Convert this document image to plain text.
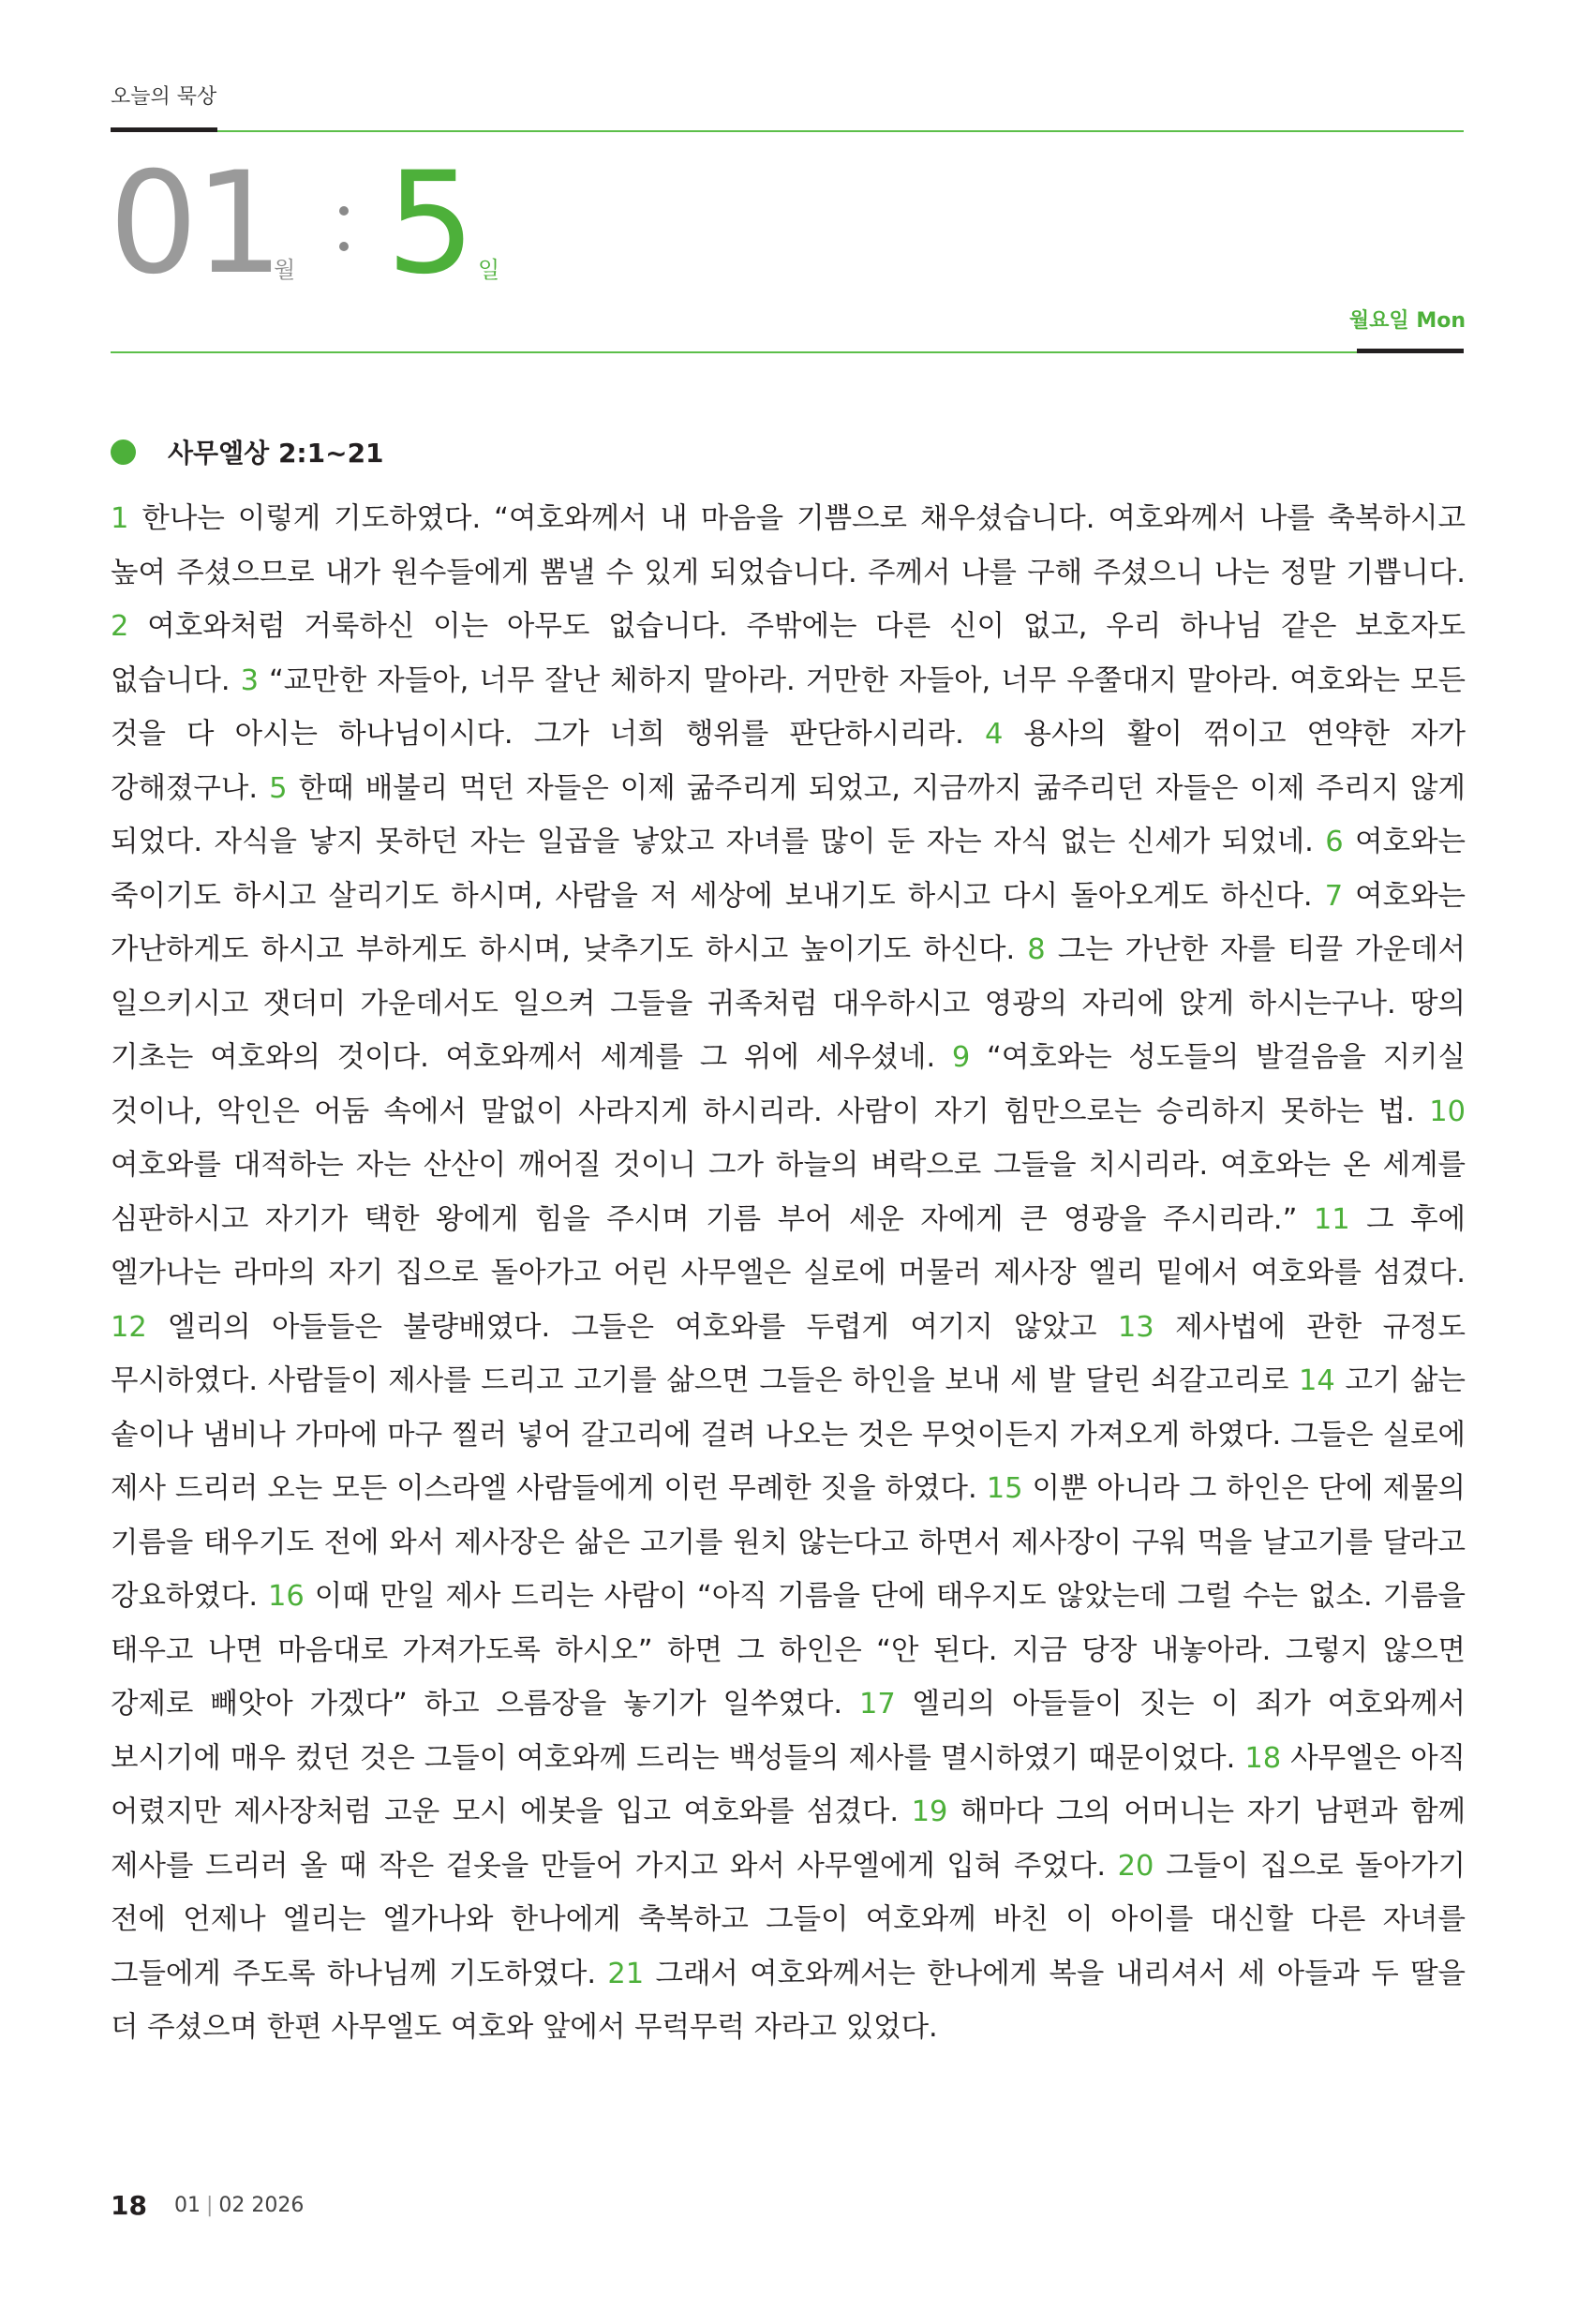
오늘의 묵상
01
월 5 일
월요일 Mon
사무엘상 2:1~21
1 한나는 이렇게 기도하였다. “여호와께서 내 마음을 기쁨으로 채우셨습니다. 여호와께서 나를 축복하시고 높여 주셨으므로 내가 원수들에게 뽐낼 수 있게 되었습니다. 주께서 나를 구해 주셨으니 나는 정말 기쁩니다. 2 여호와처럼 거룩하신 이는 아무도 없습니다. 주밖에는 다른 신이 없고, 우리 하나님 같은 보호자도 없습니다. 3 “교만한 자들아, 너무 잘난 체하지 말아라. 거만한 자들아, 너무 우쭐대지 말아라. 여호와는 모든 것을 다 아시는 하나님이시다. 그가 너희 행위를 판단하시리라. 4 용사의 활이 꺾이고 연약한 자가 강해졌구나. 5 한때 배불리 먹던 자들은 이제 굶주리게 되었고, 지금까지 굶주리던 자들은 이제 주리지 않게 되었다. 자식을 낳지 못하던 자는 일곱을 낳았고 자녀를 많이 둔 자는 자식 없는 신세가 되었네. 6 여호와는 죽이기도 하시고 살리기도 하시며, 사람을 저 세상에 보내기도 하시고 다시 돌아오게도 하신다. 7 여호와는 가난하게도 하시고 부하게도 하시며, 낮추기도 하시고 높이기도 하신다. 8 그는 가난한 자를 티끌 가운데서 일으키시고 잿더미 가운데서도 일으켜 그들을 귀족처럼 대우하시고 영광의 자리에 앉게 하시는구나. 땅의 기초는 여호와의 것이다. 여호와께서 세계를 그 위에 세우셨네. 9 “여호와는 성도들의 발걸음을 지키실 것이나, 악인은 어둠 속에서 말없이 사라지게 하시리라. 사람이 자기 힘만으로는 승리하지 못하는 법. 10 여호와를 대적하는 자는 산산이 깨어질 것이니 그가 하늘의 벼락으로 그들을 치시리라. 여호와는 온 세계를 심판하시고 자기가 택한 왕에게 힘을 주시며 기름 부어 세운 자에게 큰 영광을 주시리라.” 11 그 후에 엘가나는 라마의 자기 집으로 돌아가고 어린 사무엘은 실로에 머물러 제사장 엘리 밑에서 여호와를 섬겼다. 12 엘리의 아들들은 불량배였다. 그들은 여호와를 두렵게 여기지 않았고 13 제사법에 관한 규정도 무시하였다. 사람들이 제사를 드리고 고기를 삶으면 그들은 하인을 보내 세 발 달린 쇠갈고리로 14 고기 삶는 솥이나 냄비나 가마에 마구 찔러 넣어 갈고리에 걸려 나오는 것은 무엇이든지 가져오게 하였다. 그들은 실로에 제사 드리러 오는 모든 이스라엘 사람들에게 이런 무례한 짓을 하였다. 15 이뿐 아니라 그 하인은 단에 제물의 기름을 태우기도 전에 와서 제사장은 삶은 고기를 원치 않는다고 하면서 제사장이 구워 먹을 날고기를 달라고 강요하였다. 16 이때 만일 제사 드리는 사람이 “아직 기름을 단에 태우지도 않았는데 그럴 수는 없소. 기름을 태우고 나면 마음대로 가져가도록 하시오” 하면 그 하인은 “안 된다. 지금 당장 내놓아라. 그렇지 않으면 강제로 빼앗아 가겠다” 하고 으름장을 놓기가 일쑤였다. 17 엘리의 아들들이 짓는 이 죄가 여호와께서 보시기에 매우 컸던 것은 그들이 여호와께 드리는 백성들의 제사를 멸시하였기 때문이었다. 18 사무엘은 아직 어렸지만 제사장처럼 고운 모시 에봇을 입고 여호와를 섬겼다. 19 해마다 그의 어머니는 자기 남편과 함께 제사를 드리러 올 때 작은 겉옷을 만들어 가지고 와서 사무엘에게 입혀 주었다. 20 그들이 집으로 돌아가기 전에 언제나 엘리는 엘가나와 한나에게 축복하고 그들이 여호와께 바친 이 아이를 대신할 다른 자녀를 그들에게 주도록 하나님께 기도하였다. 21 그래서 여호와께서는 한나에게 복을 내리셔서 세 아들과 두 딸을 더 주셨으며 한편 사무엘도 여호와 앞에서 무럭무럭 자라고 있었다.
18 01 | 02 2026
